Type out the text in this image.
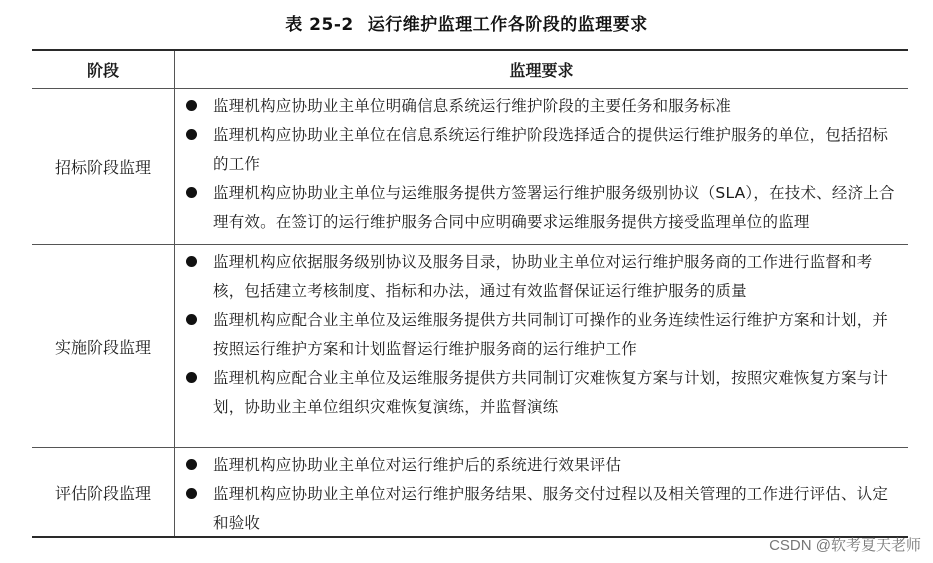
表 25-2 运行维护监理工作各阶段的监理要求
阶段	监理要求
招标阶段监理
监理机构应协助业主单位明确信息系统运行维护阶段的主要任务和服务标准
监理机构应协助业主单位在信息系统运行维护阶段选择适合的提供运行维护服务的单位，包括招标的工作
监理机构应协助业主单位与运维服务提供方签署运行维护服务级别协议（SLA），在技术、经济上合理有效。在签订的运行维护服务合同中应明确要求运维服务提供方接受监理单位的监理
实施阶段监理
监理机构应依据服务级别协议及服务目录，协助业主单位对运行维护服务商的工作进行监督和考核，包括建立考核制度、指标和办法，通过有效监督保证运行维护服务的质量
监理机构应配合业主单位及运维服务提供方共同制订可操作的业务连续性运行维护方案和计划，并按照运行维护方案和计划监督运行维护服务商的运行维护工作
监理机构应配合业主单位及运维服务提供方共同制订灾难恢复方案与计划，按照灾难恢复方案与计划，协助业主单位组织灾难恢复演练，并监督演练
评估阶段监理
监理机构应协助业主单位对运行维护后的系统进行效果评估
监理机构应协助业主单位对运行维护服务结果、服务交付过程以及相关管理的工作进行评估、认定和验收
CSDN @软考夏天老师
